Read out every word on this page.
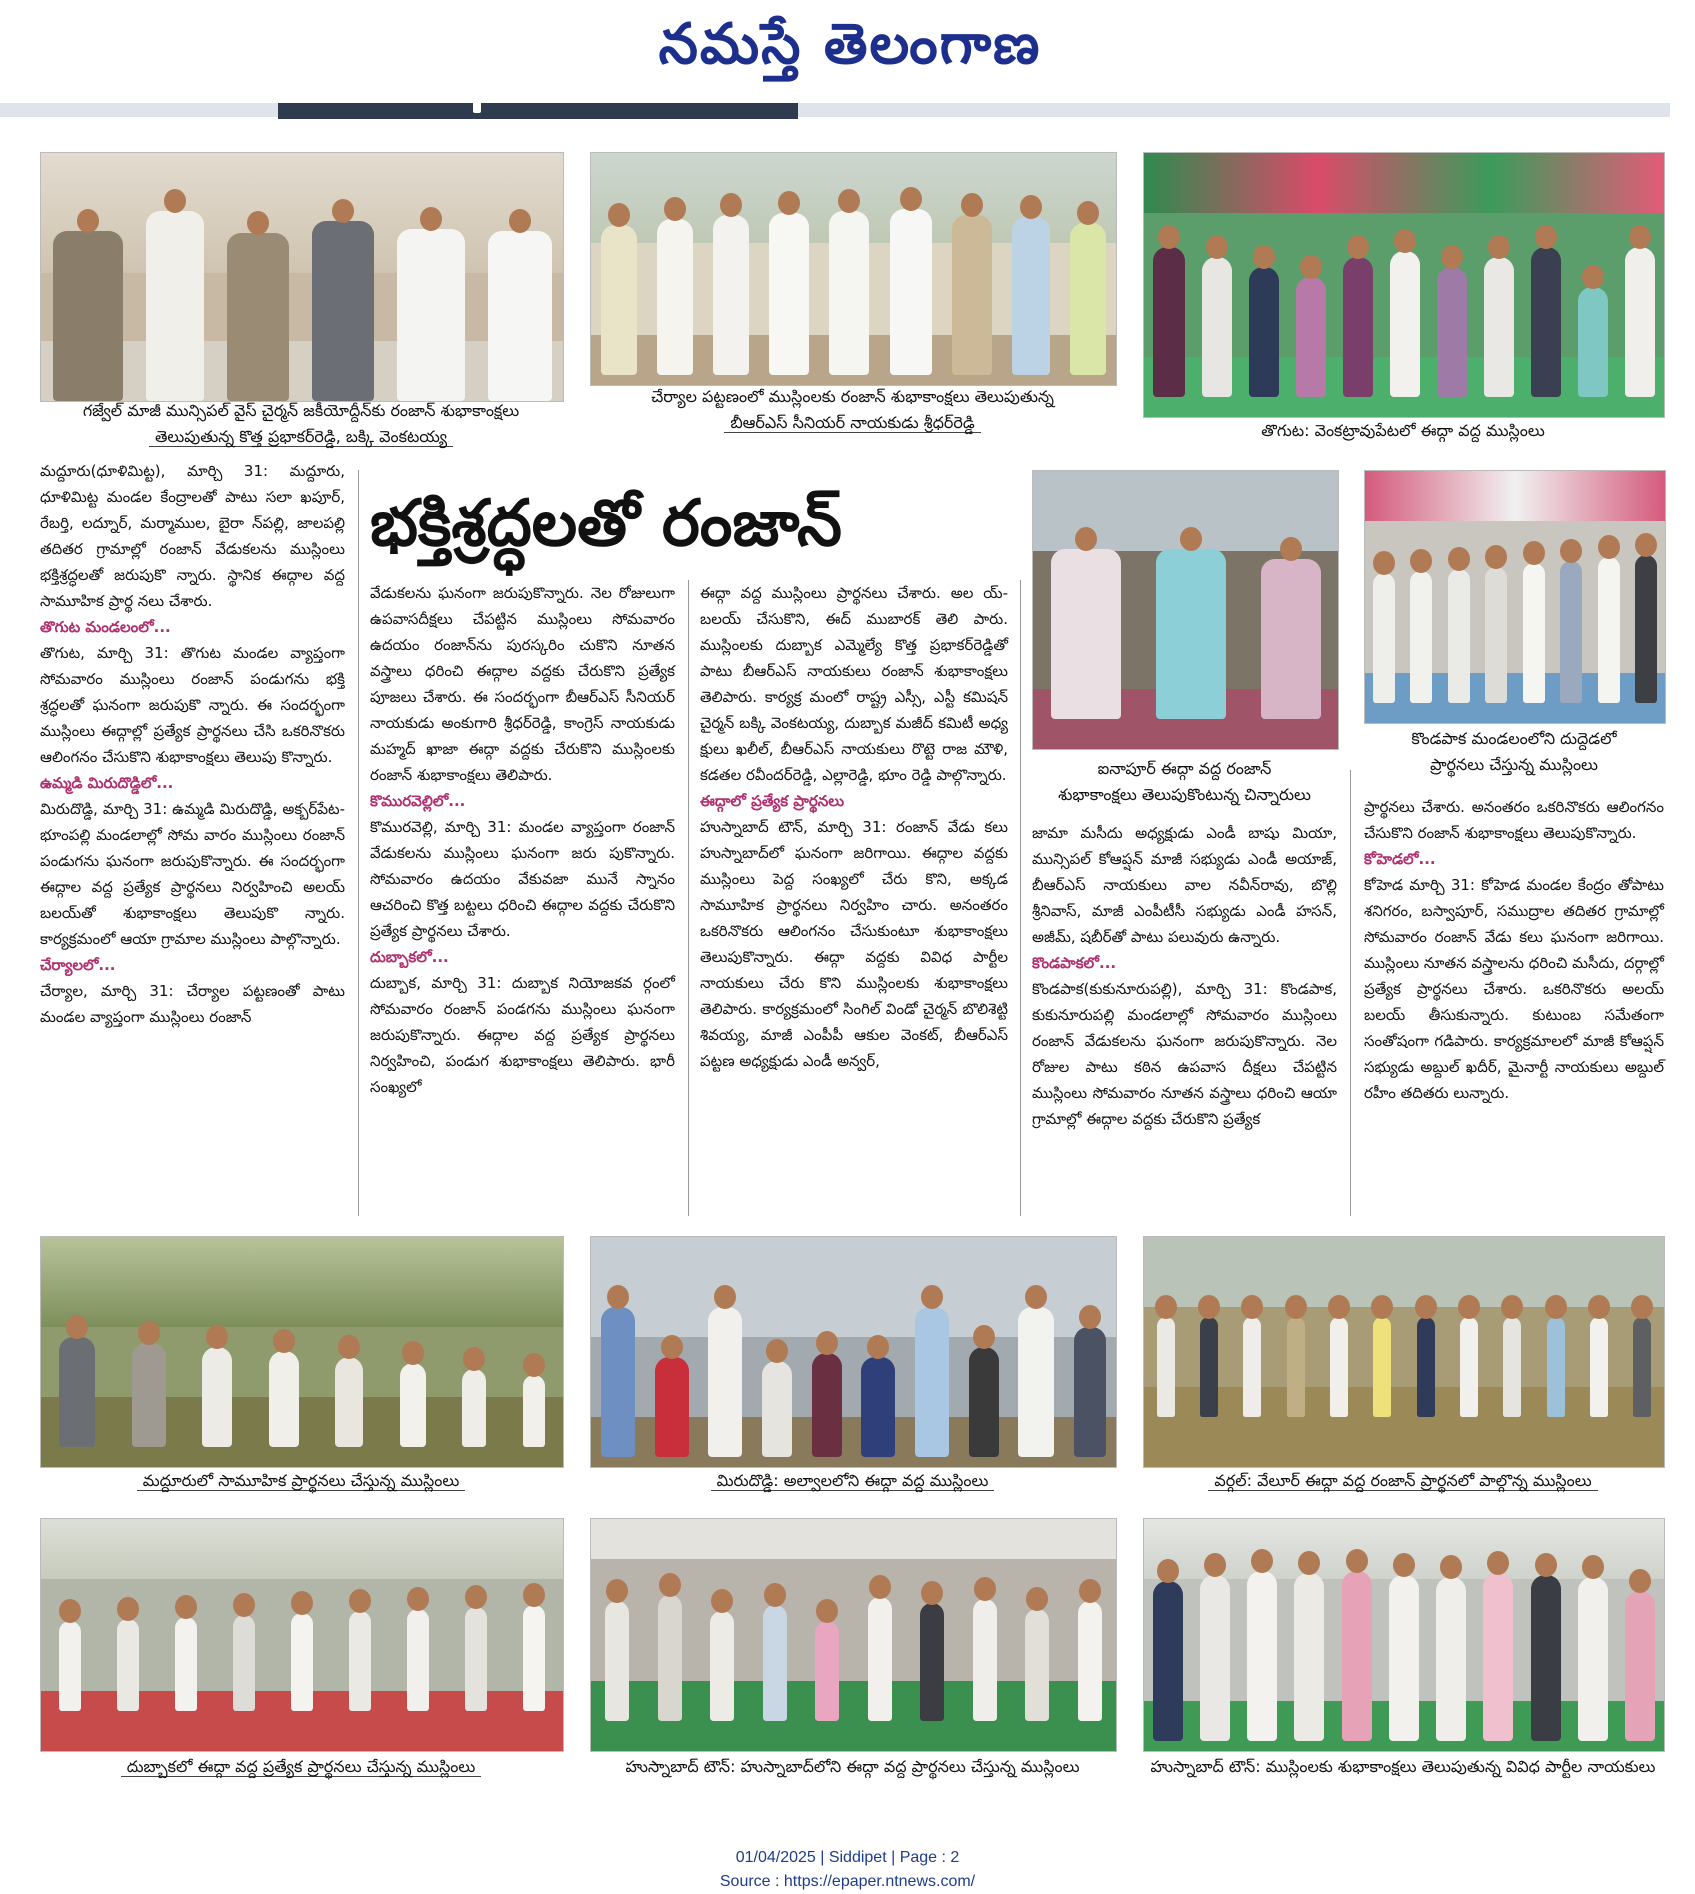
నమస్తే తెలంగాణ
గజ్వేల్ మాజీ మున్సిపల్ వైస్ చైర్మన్ జకీయోద్దీన్‌కు రంజాన్ శుభాకాంక్షలు
తెలుపుతున్న కొత్త ప్రభాకర్‌రెడ్డి, బక్కి వెంకటయ్య
చేర్యాల పట్టణంలో ముస్లింలకు రంజాన్ శుభాకాంక్షలు తెలుపుతున్న
బీఆర్‌ఎస్ సీనియర్ నాయకుడు శ్రీధర్‌రెడ్డి	తొగుట: వెంకట్రావుపేటలో ఈద్గా వద్ద ముస్లింలు
భక్తిశ్రద్ధలతో రంజాన్
ఐనాపూర్ ఈద్గా వద్ద రంజాన్
శుభాకాంక్షలు తెలుపుకొంటున్న చిన్నారులు
కొండపాక మండలంలోని దుద్దెడలో
ప్రార్థనలు చేస్తున్న ముస్లింలు

మద్దూరు(ధూళిమిట్ట), మార్చి 31: మద్దూరు, ధూళిమిట్ట మండల కేంద్రాలతో పాటు సలా ఖపూర్, రేబర్తి, లద్నూర్, మర్మాముల, బైరా న్‌పల్లి, జాలపల్లి తదితర గ్రామాల్లో రంజాన్ వేడుకలను ముస్లింలు భక్తిశ్రద్ధలతో జరుపుకొ న్నారు. స్థానిక ఈద్గాల వద్ద సామూహిక ప్రార్థ నలు చేశారు.

తొగుట మండలంలో...

తొగుట, మార్చి 31: తొగుట మండల వ్యాప్తంగా సోమవారం ముస్లింలు రంజాన్ పండుగను భక్తి శ్రద్ధలతో ఘనంగా జరుపుకొ న్నారు. ఈ సందర్భంగా ముస్లింలు ఈద్గాల్లో ప్రత్యేక ప్రార్థనలు చేసి ఒకరినొకరు ఆలింగనం చేసుకొని శుభాకాంక్షలు తెలుపు కొన్నారు.

ఉమ్మడి మిరుదొడ్డిలో...

మిరుదొడ్డి, మార్చి 31: ఉమ్మడి మిరుదొడ్డి, అక్బర్‌పేట-భూంపల్లి మండలాల్లో సోమ వారం ముస్లింలు రంజాన్ పండుగను ఘనంగా జరుపుకొన్నారు. ఈ సందర్భంగా ఈద్గాల వద్ద ప్రత్యేక ప్రార్థనలు నిర్వహించి అలయ్ బలయ్‌తో శుభాకాంక్షలు తెలుపుకొ న్నారు. కార్యక్రమంలో ఆయా గ్రామాల ముస్లింలు పాల్గొన్నారు.

చేర్యాలలో...

చేర్యాల, మార్చి 31: చేర్యాల పట్టణంతో పాటు మండల వ్యాప్తంగా ముస్లింలు రంజాన్

వేడుకలను ఘనంగా జరుపుకొన్నారు. నెల రోజులుగా ఉపవాసదీక్షలు చేపట్టిన ముస్లింలు సోమవారం ఉదయం రంజాన్‌ను పురస్కరిం చుకొని నూతన వస్త్రాలు ధరించి ఈద్గాల వద్దకు చేరుకొని ప్రత్యేక పూజలు చేశారు. ఈ సందర్భంగా బీఆర్‌ఎస్ సీనియర్ నాయకుడు అంకుగారి శ్రీధర్‌రెడ్డి, కాంగ్రెస్ నాయకుడు మహ్మద్ ఖాజా ఈద్గా వద్దకు చేరుకొని ముస్లింలకు రంజాన్ శుభాకాంక్షలు తెలిపారు.

కొమురవెల్లిలో...

కొమురవెల్లి, మార్చి 31: మండల వ్యాప్తంగా రంజాన్ వేడుకలను ముస్లింలు ఘనంగా జరు పుకొన్నారు. సోమవారం ఉదయం వేకువజా మునే స్నానం ఆచరించి కొత్త బట్టలు ధరించి ఈద్గాల వద్దకు చేరుకొని ప్రత్యేక ప్రార్థనలు చేశారు.

దుబ్బాకలో...

దుబ్బాక, మార్చి 31: దుబ్బాక నియోజకవ ర్గంలో సోమవారం రంజాన్ పండగను ముస్లింలు ఘనంగా జరుపుకొన్నారు. ఈద్గాల వద్ద ప్రత్యేక ప్రార్థనలు నిర్వహించి, పండుగ శుభాకాంక్షలు తెలిపారు. భారీ సంఖ్యలో

ఈద్గా వద్ద ముస్లింలు ప్రార్థనలు చేశారు. అల య్-బలయ్ చేసుకొని, ఈద్ ముబారక్ తెలి పారు. ముస్లింలకు దుబ్బాక ఎమ్మెల్యే కొత్త ప్రభాకర్‌రెడ్డితో పాటు బీఆర్‌ఎస్ నాయకులు రంజాన్ శుభాకాంక్షలు తెలిపారు. కార్యక్ర మంలో రాష్ట్ర ఎస్సీ, ఎస్టీ కమిషన్ చైర్మన్ బక్కి వెంకటయ్య, దుబ్బాక మజీద్ కమిటీ అధ్య క్షులు ఖలీల్, బీఆర్‌ఎస్ నాయకులు రొట్టె రాజ మౌళి, కడతల రవీందర్‌రెడ్డి, ఎల్లారెడ్డి, భూం రెడ్డి పాల్గొన్నారు.

ఈద్గాలో ప్రత్యేక ప్రార్థనలు

హుస్నాబాద్ టౌన్, మార్చి 31: రంజాన్ వేడు కలు హుస్నాబాద్‌లో ఘనంగా జరిగాయి. ఈద్గాల వద్దకు ముస్లింలు పెద్ద సంఖ్యలో చేరు కొని, అక్కడ సామూహిక ప్రార్థనలు నిర్వహిం చారు. అనంతరం ఒకరినొకరు ఆలింగనం చేసుకుంటూ శుభాకాంక్షలు తెలుపుకొన్నారు. ఈద్గా వద్దకు వివిధ పార్టీల నాయకులు చేరు కొని ముస్లింలకు శుభాకాంక్షలు తెలిపారు. కార్యక్రమంలో సింగిల్ విండో చైర్మన్ బొలిశెట్టి శివయ్య, మాజీ ఎంపీపీ ఆకుల వెంకట్, బీఆర్‌ఎస్ పట్టణ అధ్యక్షుడు ఎండీ అన్వర్,

జామా మసీదు అధ్యక్షుడు ఎండీ బాషు మియా, మున్సిపల్ కోఆప్షన్ మాజీ సభ్యుడు ఎండీ అయాజ్, బీఆర్‌ఎస్ నాయకులు వాల నవీన్‌రావు, బొల్లి శ్రీనివాస్, మాజీ ఎంపీటీసీ సభ్యుడు ఎండీ హసన్, అజీమ్, షబీర్‌తో పాటు పలువురు ఉన్నారు.

కొండపాకలో...

కొండపాక(కుకునూరుపల్లి), మార్చి 31: కొండపాక, కుకునూరుపల్లి మండలాల్లో సోమవారం ముస్లింలు రంజాన్ వేడుకలను ఘనంగా జరుపుకొన్నారు. నెల రోజుల పాటు కఠిన ఉపవాస దీక్షలు చేపట్టిన ముస్లింలు సోమవారం నూతన వస్త్రాలు ధరించి ఆయా గ్రామాల్లో ఈద్గాల వద్దకు చేరుకొని ప్రత్యేక

ప్రార్థనలు చేశారు. అనంతరం ఒకరినొకరు ఆలింగనం చేసుకొని రంజాన్ శుభాకాంక్షలు తెలుపుకొన్నారు.

కోహెడలో...

కోహెడ మార్చి 31: కోహెడ మండల కేంద్రం తోపాటు శనిగరం, బస్వాపూర్, సముద్రాల తదితర గ్రామాల్లో సోమవారం రంజాన్ వేడు కలు ఘనంగా జరిగాయి. ముస్లింలు నూతన వస్త్రాలను ధరించి మసీదు, దర్గాల్లో ప్రత్యేక ప్రార్థనలు చేశారు. ఒకరినొకరు అలయ్ బలయ్ తీసుకున్నారు. కుటుంబ సమేతంగా సంతోషంగా గడిపారు. కార్యక్రమాలలో మాజీ కోఆప్షన్ సభ్యుడు అబ్దుల్ ఖదీర్, మైనార్టీ నాయకులు అబ్దుల్ రహీం తదితరు లున్నారు.

మద్దూరులో సామూహిక ప్రార్థనలు చేస్తున్న ముస్లింలు	మిరుదొడ్డి: అల్వాలలోని ఈద్గా వద్ద ముస్లింలు	వర్గల్: వేలూర్ ఈద్గా వద్ద రంజాన్ ప్రార్థనలో పాల్గొన్న ముస్లింలు
దుబ్బాకలో ఈద్గా వద్ద ప్రత్యేక ప్రార్థనలు చేస్తున్న ముస్లింలు	హుస్నాబాద్ టౌన్: హుస్నాబాద్‌లోని ఈద్గా వద్ద ప్రార్థనలు చేస్తున్న ముస్లింలు	హుస్నాబాద్ టౌన్: ముస్లింలకు శుభాకాంక్షలు తెలుపుతున్న వివిధ పార్టీల నాయకులు
01/04/2025 | Siddipet | Page : 2
Source : https://epaper.ntnews.com/
